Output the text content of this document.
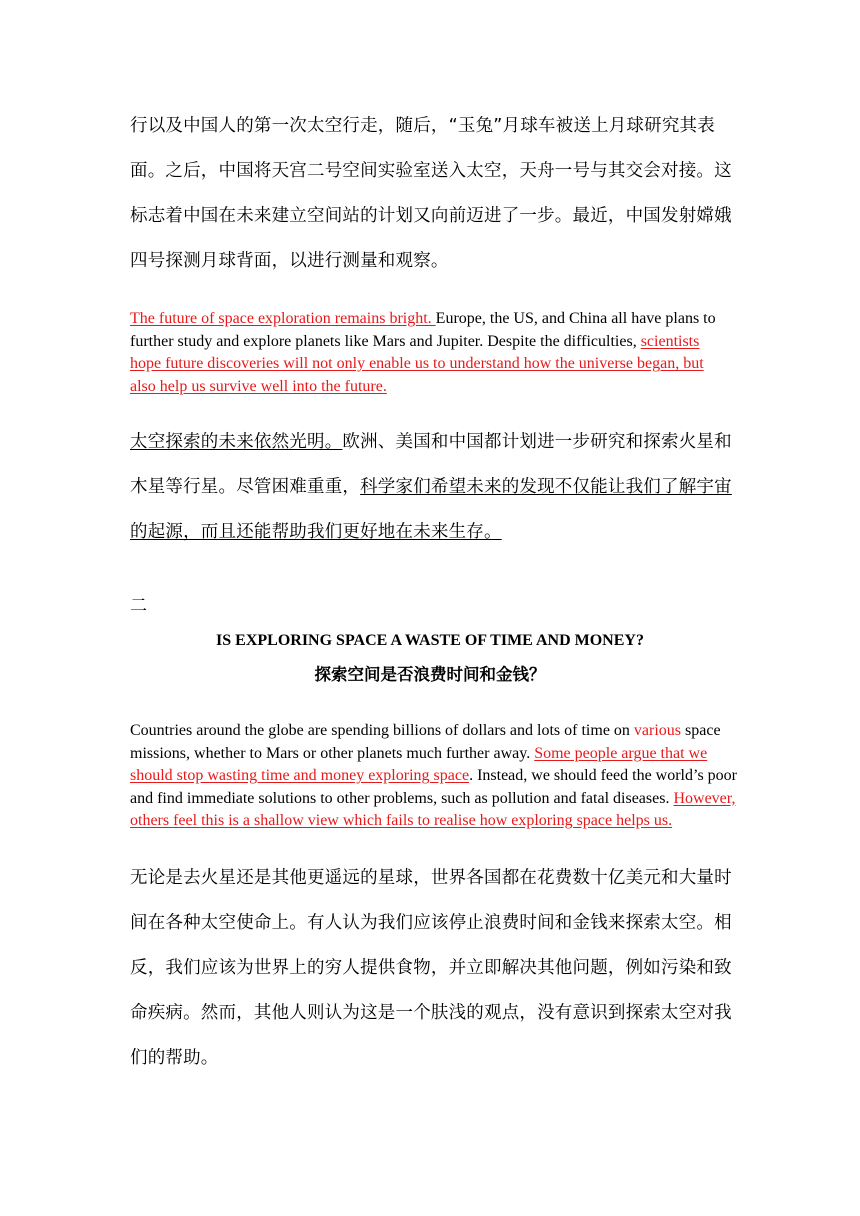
行以及中国人的第一次太空行走，随后，“玉兔”月球车被送上月球研究其表面。之后，中国将天宫二号空间实验室送入太空，天舟一号与其交会对接。这标志着中国在未来建立空间站的计划又向前迈进了一步。最近，中国发射嫦娥四号探测月球背面，以进行测量和观察。

The future of space exploration remains bright. Europe, the US, and China all have plans to further study and explore planets like Mars and Jupiter. Despite the difficulties, scientists hope future discoveries will not only enable us to understand how the universe began, but also help us survive well into the future.

太空探索的未来依然光明。欧洲、美国和中国都计划进一步研究和探索火星和木星等行星。尽管困难重重，科学家们希望未来的发现不仅能让我们了解宇宙的起源，而且还能帮助我们更好地在未来生存。

二

IS EXPLORING SPACE A WASTE OF TIME AND MONEY?

探索空间是否浪费时间和金钱？

Countries around the globe are spending billions of dollars and lots of time on various space missions, whether to Mars or other planets much further away. Some people argue that we should stop wasting time and money exploring space. Instead, we should feed the world’s poor and find immediate solutions to other problems, such as pollution and fatal diseases. However, others feel this is a shallow view which fails to realise how exploring space helps us.

无论是去火星还是其他更遥远的星球，世界各国都在花费数十亿美元和大量时间在各种太空使命上。有人认为我们应该停止浪费时间和金钱来探索太空。相反，我们应该为世界上的穷人提供食物，并立即解决其他问题，例如污染和致命疾病。然而，其他人则认为这是一个肤浅的观点，没有意识到探索太空对我们的帮助。
